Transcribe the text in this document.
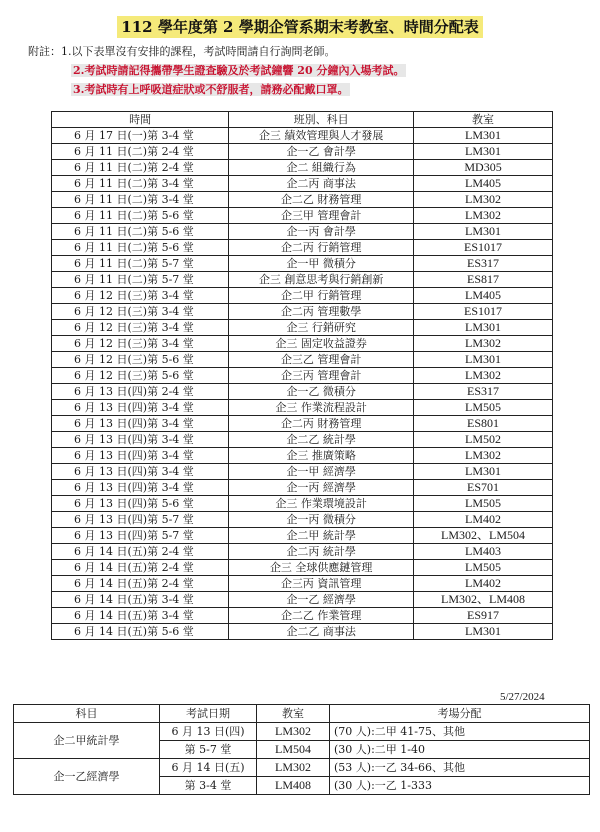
112 學年度第 2 學期企管系期末考教室、時間分配表
附註：1.以下表單沒有安排的課程，考試時間請自行詢問老師。
2.考試時請記得攜帶學生證查驗及於考試鐘響 20 分鐘內入場考試。
3.考試時有上呼吸道症狀或不舒服者，請務必配戴口罩。
時間	班別、科目	教室
6 月 17 日(一)第 3-4 堂	企三 績效管理與人才發展	LM301
6 月 11 日(二)第 2-4 堂	企一乙 會計學	LM301
6 月 11 日(二)第 2-4 堂	企二 組織行為	MD305
6 月 11 日(二)第 3-4 堂	企二丙 商事法	LM405
6 月 11 日(二)第 3-4 堂	企二乙 財務管理	LM302
6 月 11 日(二)第 5-6 堂	企三甲 管理會計	LM302
6 月 11 日(二)第 5-6 堂	企一丙 會計學	LM301
6 月 11 日(二)第 5-6 堂	企二丙 行銷管理	ES1017
6 月 11 日(二)第 5-7 堂	企一甲 微積分	ES317
6 月 11 日(二)第 5-7 堂	企三 創意思考與行銷創新	ES817
6 月 12 日(三)第 3-4 堂	企二甲 行銷管理	LM405
6 月 12 日(三)第 3-4 堂	企二丙 管理數學	ES1017
6 月 12 日(三)第 3-4 堂	企三 行銷研究	LM301
6 月 12 日(三)第 3-4 堂	企三 固定收益證券	LM302
6 月 12 日(三)第 5-6 堂	企三乙 管理會計	LM301
6 月 12 日(三)第 5-6 堂	企三丙 管理會計	LM302
6 月 13 日(四)第 2-4 堂	企一乙 微積分	ES317
6 月 13 日(四)第 3-4 堂	企三 作業流程設計	LM505
6 月 13 日(四)第 3-4 堂	企二丙 財務管理	ES801
6 月 13 日(四)第 3-4 堂	企二乙 統計學	LM502
6 月 13 日(四)第 3-4 堂	企三 推廣策略	LM302
6 月 13 日(四)第 3-4 堂	企一甲 經濟學	LM301
6 月 13 日(四)第 3-4 堂	企一丙 經濟學	ES701
6 月 13 日(四)第 5-6 堂	企三 作業環境設計	LM505
6 月 13 日(四)第 5-7 堂	企一丙 微積分	LM402
6 月 13 日(四)第 5-7 堂	企二甲 統計學	LM302、LM504
6 月 14 日(五)第 2-4 堂	企二丙 統計學	LM403
6 月 14 日(五)第 2-4 堂	企三 全球供應鏈管理	LM505
6 月 14 日(五)第 2-4 堂	企三丙 資訊管理	LM402
6 月 14 日(五)第 3-4 堂	企一乙 經濟學	LM302、LM408
6 月 14 日(五)第 3-4 堂	企二乙 作業管理	ES917
6 月 14 日(五)第 5-6 堂	企二乙 商事法	LM301
5/27/2024
科目	考試日期	教室	考場分配
企二甲統計學	6 月 13 日(四)	LM302	(70 人):二甲 41-75、其他
	第 5-7 堂	LM504	(30 人):二甲 1-40
企一乙經濟學	6 月 14 日(五)	LM302	(53 人):一乙 34-66、其他
	第 3-4 堂	LM408	(30 人):一乙 1-333
